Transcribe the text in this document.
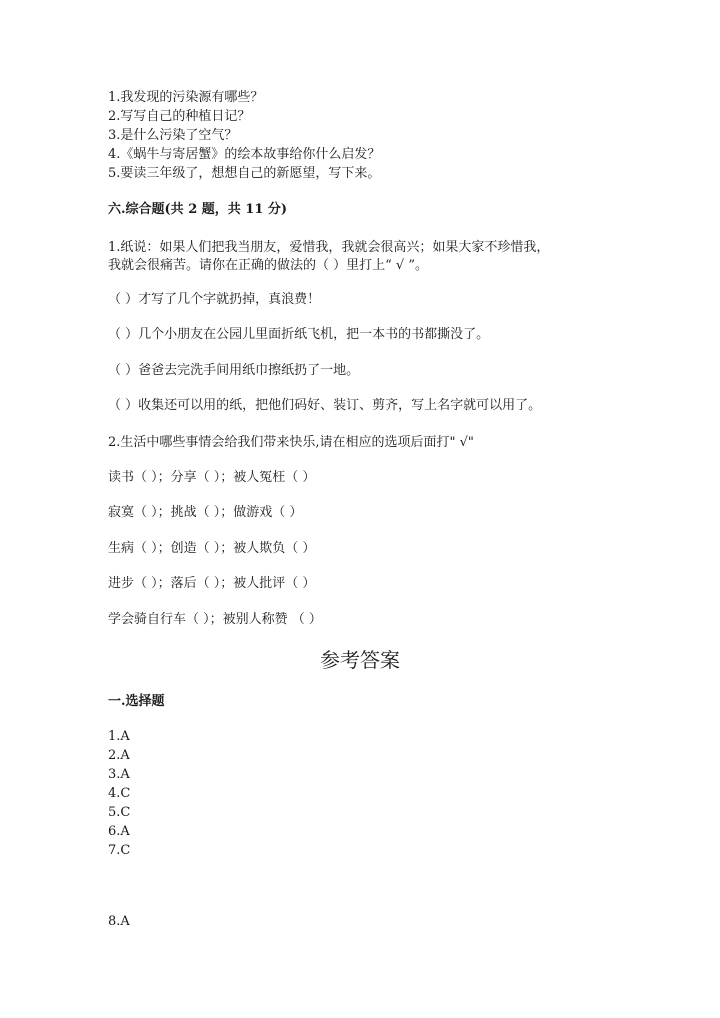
1.我发现的污染源有哪些？
2.写写自己的种植日记？
3.是什么污染了空气？
4.《蜗牛与寄居蟹》的绘本故事给你什么启发？
5.要读三年级了，想想自己的新愿望，写下来。
六.综合题(共 2 题，共 11 分)
1.纸说：如果人们把我当朋友，爱惜我，我就会很高兴；如果大家不珍惜我，
我就会很痛苦。请你在正确的做法的（ ）里打上“ √ ”。
（ ）才写了几个字就扔掉，真浪费！
（ ）几个小朋友在公园儿里面折纸飞机，把一本书的书都撕没了。
（ ）爸爸去完洗手间用纸巾擦纸扔了一地。
（ ）收集还可以用的纸，把他们码好、装订、剪齐，写上名字就可以用了。
2.生活中哪些事情会给我们带来快乐,请在相应的选项后面打" √"
读书（ ）；分享（ ）；被人冤枉（ ）
寂寞（ ）；挑战（ ）；做游戏（ ）
生病（ ）；创造（ ）；被人欺负（ ）
进步（ ）；落后（ ）；被人批评（ ）
学会骑自行车（ ）；被别人称赞 （ ）
参考答案
一.选择题
1.A
2.A
3.A
4.C
5.C
6.A
7.C
8.A
